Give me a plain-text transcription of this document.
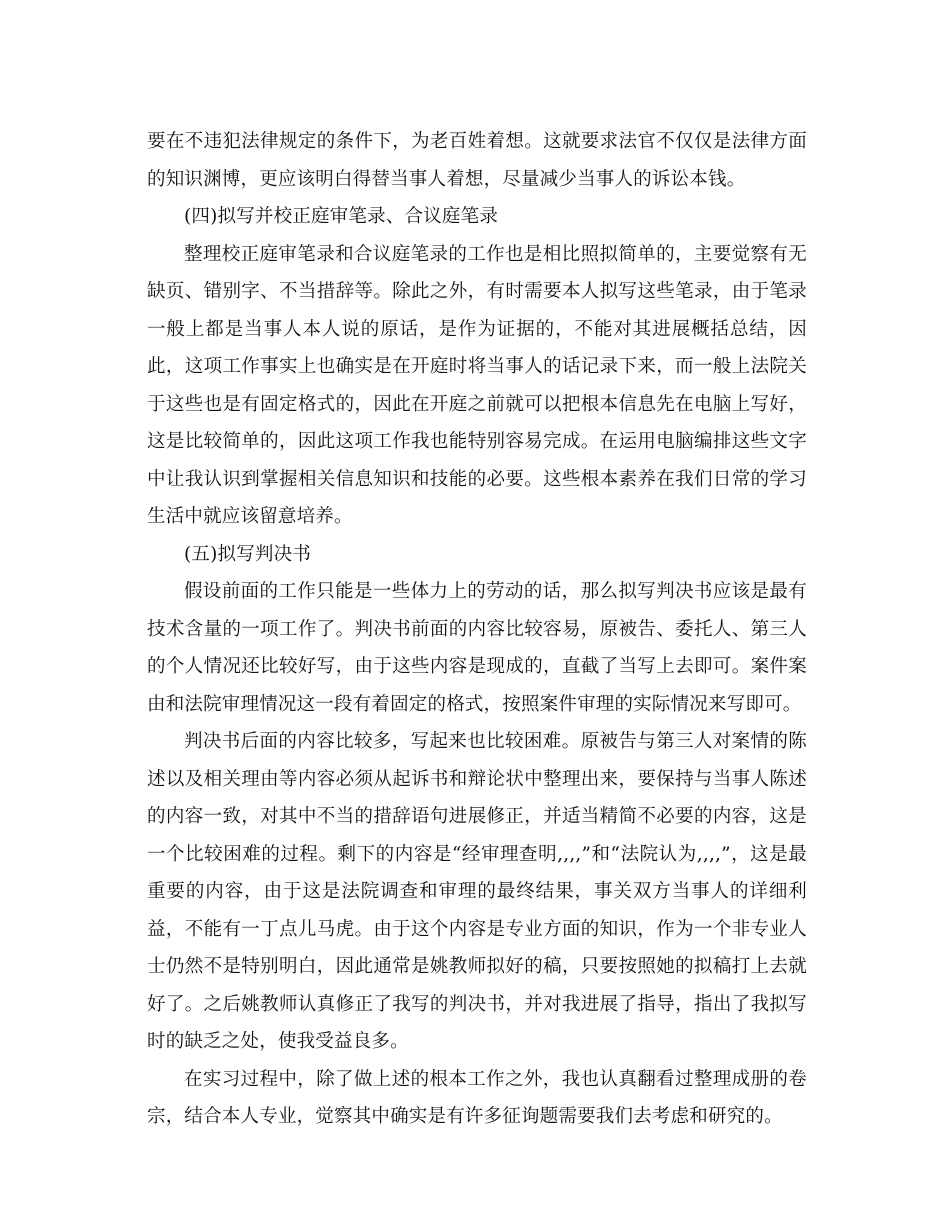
要在不违犯法律规定的条件下，为老百姓着想。这就要求法官不仅仅是法律方面的知识渊博，更应该明白得替当事人着想，尽量减少当事人的诉讼本钱。

(四)拟写并校正庭审笔录、合议庭笔录

整理校正庭审笔录和合议庭笔录的工作也是相比照拟简单的，主要觉察有无缺页、错别字、不当措辞等。除此之外，有时需要本人拟写这些笔录，由于笔录一般上都是当事人本人说的原话，是作为证据的，不能对其进展概括总结，因此，这项工作事实上也确实是在开庭时将当事人的话记录下来，而一般上法院关于这些也是有固定格式的，因此在开庭之前就可以把根本信息先在电脑上写好，这是比较简单的，因此这项工作我也能特别容易完成。在运用电脑编排这些文字中让我认识到掌握相关信息知识和技能的必要。这些根本素养在我们日常的学习生活中就应该留意培养。

(五)拟写判决书

假设前面的工作只能是一些体力上的劳动的话，那么拟写判决书应该是最有技术含量的一项工作了。判决书前面的内容比较容易，原被告、委托人、第三人的个人情况还比较好写，由于这些内容是现成的，直截了当写上去即可。案件案由和法院审理情况这一段有着固定的格式，按照案件审理的实际情况来写即可。

判决书后面的内容比较多，写起来也比较困难。原被告与第三人对案情的陈述以及相关理由等内容必须从起诉书和辩论状中整理出来，要保持与当事人陈述的内容一致，对其中不当的措辞语句进展修正，并适当精简不必要的内容，这是一个比较困难的过程。剩下的内容是“经审理查明,,,,”和“法院认为,,,,”，这是最重要的内容，由于这是法院调查和审理的最终结果，事关双方当事人的详细利益，不能有一丁点儿马虎。由于这个内容是专业方面的知识，作为一个非专业人士仍然不是特别明白，因此通常是姚教师拟好的稿，只要按照她的拟稿打上去就好了。之后姚教师认真修正了我写的判决书，并对我进展了指导，指出了我拟写时的缺乏之处，使我受益良多。

在实习过程中，除了做上述的根本工作之外，我也认真翻看过整理成册的卷宗，结合本人专业，觉察其中确实是有许多征询题需要我们去考虑和研究的。
